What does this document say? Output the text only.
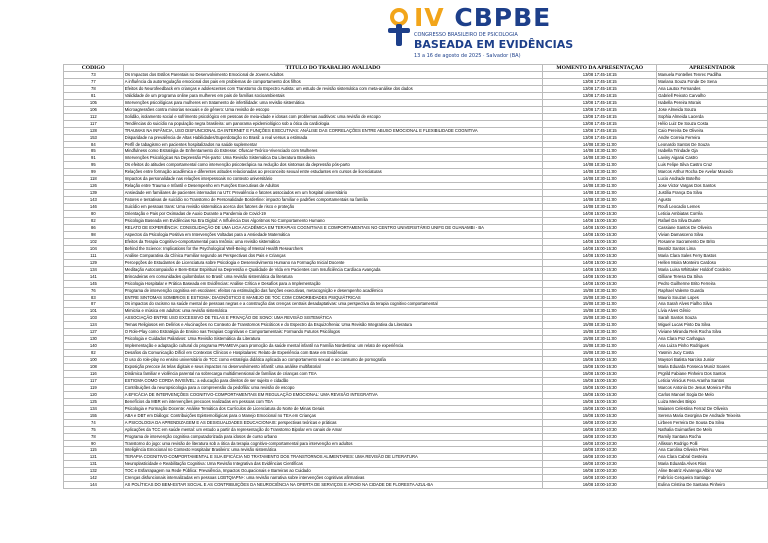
IV CBPBE
CONGRESSO BRASILEIRO DE PSICOLOGIA
BASEADA EM EVIDÊNCIAS
13 a 16 de agosto de 2025 · Salvador (BA)
CÓDIGO	TÍTULO DO TRABALHO AVALIADO	MOMENTO DA APRESENTAÇÃO	APRESENTADOR
73	Os Impactos dos Estilos Parentais no Desenvolvimento Emocional de Jovens Adultos	13/08 17:45-18:15	Manuela Fontelles Tenrec Padilha
77	A influência da autorregulação emocional dos pais em problemas de comportamento dos filhos	13/08 17:45-18:15	Mariana Souza Fonde De Sena
78	Efeitos do Neurofeedback em crianças e adolescentes com Transtorno do Espectro Autista: um estudo de revisão sistemática com meta-análise dos dados	13/08 17:45-18:15	Ana Lautox Fernandes
81	Valididade de um programa online para mulheres em pais de famílias socioambientais	13/08 17:45-18:15	Gabriell Peixoto Carvalho
105	Intervenções psicológicas para mulheres em tratamento de infertilidade: uma revisão sistemática	13/08 17:45-18:15	Isabella Pereira Morais
106	Microagressões contra minorias sexuais e de gênero: Uma revisão de escopo	13/08 17:45-18:15	Jose Almeida Souza
112	Solidão, isolamento social e sofrimento psicológico em pessoas de meia-idade e idosas com problemas auditivos: uma revisão de escopo	13/08 17:45-18:15	Sophia Almeida Lacerda
117	Tendências do suicídio na população negra brasileira: um panorama epidemiológico sob a ótica da cardiologia	13/08 17:45-18:15	Hélio Luiz De Souza Costa
128	TRAUMAS NA INFÂNCIA, USO DISFUNCIONAL DA INTERNET E FUNÇÕES EXECUTIVAS: ANÁLISE DAS CORRELAÇÕES ENTRE ABUSO EMOCIONAL E FLEXIBILIDADE COGNITIVA	13/08 17:45-18:15	Caio Pereira De Oliveira
153	Disparidade na prevalência de Altas Habilidades/Superdotação no Brasil: a real versus a estimada	13/08 17:45-18:15	Andre Correia Ferreira
84	Perfil de tabagismo em pacientes hospitalizados na saúde suplementar	14/08 10:30-11:00	Leonardo Santos De Souza
85	Mindfulness como Estratégia de Enfrentamento do Estresse: Ofuscar-Teórico-Vivenciado com Mulheres	14/08 10:30-11:00	Isabella Trindade Gja
91	Intervenções Psicológicas Na Depressão Pós-parto: Uma Revisão Sistemática Da Literatura Brasileira	14/08 10:30-11:00	Laviny Aigarai Castro
95	Os efeitos do atitudes comportamental como intervenção psicoterápica na redução dos sintomas da depressão pós-parto	14/08 10:30-11:00	Luis Felipe Silva Castro Cruz
99	Relações entre formação acadêmica e diferentes atitudes relacionadas ao preconceito sexual entre estudantes em cursos de licenciaturas	14/08 10:30-11:00	Marcos Arthur Rocha De Avelar Macedo
118	Impactos da personalidade nas relações interpessoais no contexto universitário	14/08 10:30-11:00	Lucio Andrade Botelho
126	Relação entre Trauma e Infantil e Desempenho em Funções Executivas de Adultos	14/08 10:30-11:00	Jose Victor Vargas Dos Santos
139	Ansiedade em familiares de pacientes internados na UTI: Prevalência e fatores associados em um hospital universitário	14/08 10:30-11:00	Justília França Da Silva
143	Fatores e tentativas de suicídio no Transtorno de Personalidade Borderline: impacto familiar e padrões comportamentais na família	14/08 10:30-11:00	Agusto
146	Suicídio em pessoas trans: Uma revisão sistemática acerca dos fatores de risco e proteção	14/08 10:30-11:00	Roufi Leocadio Lemes
80	Orientação e Pais por Oximadas de Auxio Durante a Pandemia de Covid-19	14/08 15:00-15:30	Leticia Ambiatas Corrêa
82	Psicologia Baseada em Evidências Na Era Digital: A Influência Dos Algoritmos No Comportamento Humano	14/08 15:00-15:30	Rafael Da Silva Duarte
86	RELATO DE EXPERIÊNCIA: CONSOLIDAÇÃO DE UMA LIGA ACADÊMICA EM TERAPIAS COGNITIVAS E COMPORTAMENTAIS NO CENTRO UNIVERSITÁRIO UNIFG DE GUANAMBI - BA	14/08 15:00-15:30	Cassiane Santos De Oliveira
98	Aspectos da Psicologia Positiva em Intervenções Voltadas para a Ansiedade Matemática	14/08 15:00-15:30	Vivian Damasceno Silva
102	Efeitos da Terapia Cognitivo-comportamental para Insônia: uma revisão sistemática	14/08 15:00-15:30	Rosanne Sacramento De Brito
104	Behind the Science: Implications for the Psychological Well-Being of Mental Health Researchers	14/08 15:00-15:30	Beatriz Santos Lima
111	Análise Comparativa da Clínica Familiar segundo as Perspectivas dos Pais e Crianças	14/08 15:00-15:30	Maria Clara Sales Ferry Bastos
129	Percepções de Estudantes de Licenciatura sobre Psicologia e Desenvolvimento Humano na Formação Inicial Docente	14/08 15:00-15:30	Hellen Moira Monteiro Cardoso
134	Meditação Autocompaixão e Bem-Estar Espiritual na Depressão e Qualidade de Vida em Pacientes com Insuficiência Cardíaca Avançada	14/08 15:00-15:30	Maria Luisa Whittaker Holdorf Cordeiro
141	Brincadeiras em comunidades quilombolas no Brasil: uma revisão sistemática da literatura	14/08 15:00-15:30	Gilliane Teresa Da Silva
145	Psicologia Hospitalar e Prática Baseada em Evidências: Análise Crítica e Desafios para a Implementação	14/08 15:00-15:30	Pedro Guilherme Brito Ferreira
76	Programa de intervenção cognitiva em escolares: efeitos na estimulação das funções executivas, metacognição e desempenho acadêmico	15/08 10:30-11:00	Raphael Valente Guarda
83	ENTRE SINTOMAS SOMBRIOS E ESTIGMA: DIAGNÓSTICO E MANEJO DE TOC COM COMORBIDADES PSIQUIÁTRICAS	15/08 10:30-11:00	Maurio Souzan Lopes
87	Os impactos do racismo na saúde mental de pessoas negras e a construção das crenças centrais desadaptativas: uma perspectiva da terapia cognitivo comportamental	15/08 10:30-11:00	Ana Sarah Alves Fialho Silva
101	Mimicria e música em adultos: uma revisão sistemática	15/08 10:30-11:00	Lívia Alves Gênio
103	ASSOCIAÇÃO ENTRE USO EXCESSIVO DE TELAS E PRIVAÇÃO DE SONO: UMA REVISÃO SISTEMÁTICA	15/08 10:30-11:00	Sarah Santos Souza
124	Temas Religiosos em Delírios e Alucinações no Contexto de Transtornos Psicóticos e do Espectro da Esquizofrenia: Uma Revisão Integrativa da Literatura	15/08 10:30-11:00	Miguel Lucas Pinto Da Silva
127	O Role-Play como Estratégia de Ensino nas Terapias Cognitivas e Comportamentais: Formando Futuros Psicólogos	15/08 10:30-11:00	Viviane Miranda Reis Rocha Silva
130	Psicologia e Cuidados Paliativos: Uma Revisão Sistemática da Literatura	15/08 10:30-11:00	Ana Clara Poz Carhagua
140	Implementação e adaptação cultural do programa PRAMEVA para promoção da saúde mental infantil na Família Nordestina: um relato de experiência	15/08 10:30-11:00	Ana Luiza Pinho Rodrigues
82	Desafios da Comunicação Difícil em Contextos Clínicos e Hospitalares: Relato de Experiência com Base em Evidências	15/08 10:30-11:00	Yasmin Jucy Costa
100	O uso do role-play no ensino universitário de TCC como estratégia didática aplicada ao comportamento sexual e ao consumo de pornografia	15/08 15:00-15:30	Maysori Batista Narciso Junior
108	Exposição precoce às telas digitais e seus impactos no desenvolvimento infantil: uma análise multifatorial	15/08 15:00-15:30	Maria Eduarda Fonseca Muniz Soares
116	Dinâmica familiar e violência parental na sobrecarga multidimensional de famílias de crianças com TEA	15/08 15:00-15:30	Prgrild Fabiane Pinheiro Dos Santos
117	ESTIGMA COMO CORDA INVISÍVEL: a educação para direitos de ser sujeito e cidadão	15/08 15:00-15:30	Leticia Vinicius Fera Aranha Santos
119	Contribuições da neuropsicologia para a compreensão da pedofilia: uma revisão de escopo	15/08 15:00-15:30	Marcos Antonio De Jesus Moreira Filho
120	A EFICÁCIA DE INTERVENÇÕES COGNITIVO-COMPORTAMENTAIS EM REGULAÇÃO EMOCIONAL: UMA REVISÃO INTEGRATIVA	15/08 15:00-15:30	Carlos Manoel Sogia De Melo
125	Benefícios da MBR em intervenções precoces realizadas em pessoas com TEA	15/08 15:00-15:30	Luiza Mendes Bispo
134	Psicologia e Formação Docente: Análise Temática dos Currículos de Licenciatura do Norte de Minas Gerais	15/08 15:00-15:30	Maiasen Celestina Ferraz De Oliveira
155	ABA e DBT em Diálogo: Contribuições Epistemológicas para o Manejo Emocional no TEA em Crianças	15/08 15:00-15:30	Serena Maria Georgina De Andrade Teixeira
74	A PSICOLOGIA DA APRENDIZAGEM E AS DESIGUALDADES EDUCACIONAIS: perspectivas teóricas e práticas	16/08 10:00-10:30	Lirbeen Ferreira De Sousa Da Silva
75	Aplicações da TCC em saúde mental: um estudo a partir da representação do Transtorno Bipolar em canais de Amar	16/08 10:00-10:30	Nathalia Guimarães De Melo
78	Programa de intervenção cognitiva computadorizada para idosos de curso urbano	16/08 10:00-10:30	Ramily Santana Rocha
90	Transtorno do jogo: uma revisão de literatura sob a ótica da terapia cognitivo-comportamental para intervenção em adultos	16/08 10:00-10:30	Allisson Rodrigo Polli
115	Inteligência Emocional no Contexto Hospitalar Brasileiro: uma revisão sistemática	16/08 10:00-10:30	Ana Carolina Oliveira Pires
121	TERAPIA COGNITIVO-COMPORTAMENTAL E SUA EFICÁCIA NO TRATAMENTO DOS TRANSTORNOS ALIMENTARES: UMA REVISÃO DE LITERATURA	16/08 10:00-10:30	Ana Clara Cabral Gesteira
131	Neuroplasticidade e Reabilitação Cognitiva: Uma Revisão Integrativa das Evidências Científicas	16/08 10:00-10:30	Maria Eduarda Alves Rios
132	TOC e Esfarrapagem na Rede Pública: Prevalência, Impactos Ocupacionais e Barreiras ao Cuidado	16/08 10:00-10:30	Aline Beatriz Alvarenga Albino Vaz
142	Crenças disfuncionais internalizadas em pessoas LGBTQIAPN+: uma revisão narrativa sobre intervenções cognitivas afirmativas	16/08 10:00-10:30	Fabrício Cerqueira Santiago
144	AS POLÍTICAS DO BEM-ESTAR SOCIAL E AS CONTRIBUIÇÕES DA NEUROCIÊNCIA NA OFERTA DE SERVIÇOS E APOIO NA CIDADE DE FLORESTA AZUL-BA	16/08 10:00-10:30	Eulina Cristina De Santana Pinheiro
